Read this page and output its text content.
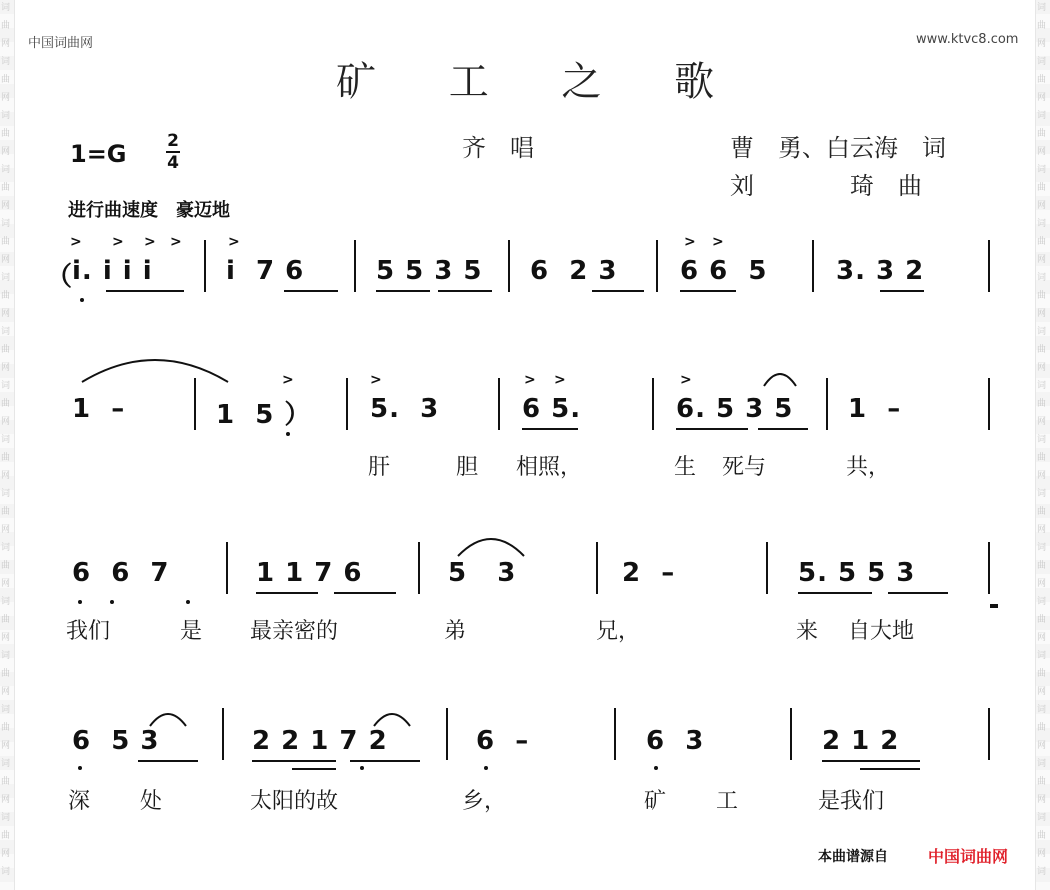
词
曲
网
词
曲
网
词
曲
网
词
曲
网
词
曲
网
词
曲
网
词
曲
网
词
曲
网
词
曲
网
词
曲
网
词
曲
网
词
曲
网
词
曲
网
词
曲
网
词
曲
网
词
曲
网
词
词
曲
网
词
曲
网
词
曲
网
词
曲
网
词
曲
网
词
曲
网
词
曲
网
词
曲
网
词
曲
网
词
曲
网
词
曲
网
词
曲
网
词
曲
网
词
曲
网
词
曲
网
词
曲
网
词
中国词曲网	www.ktvc8.com
矿 工 之 歌
1=G 2
4
齐　唱	曹　勇、白云海　词
刘　　　　琦　曲
进行曲速度　豪迈地
> > > >	>	> >
（
i. i i i	i  7 6	5 5 3 5 6  2 3 6 6  5	3. 3 2
>	>	> >	>
1  –	1  5 ） 5.  3	6 5.	6. 5 3 5 1  –
肝	胆 相照，	生 死与	共，
6  6  7	1 1 7 6	5   3	2  –	5. 5 5 3
我们	是 最亲密的	弟	兄，	来 自大地
6  5 3	2 2 1 7 2	6  –	6  3	2 1 2
深 处	太阳的故	乡，	矿 工	是我们
本曲谱源自	中国词曲网
